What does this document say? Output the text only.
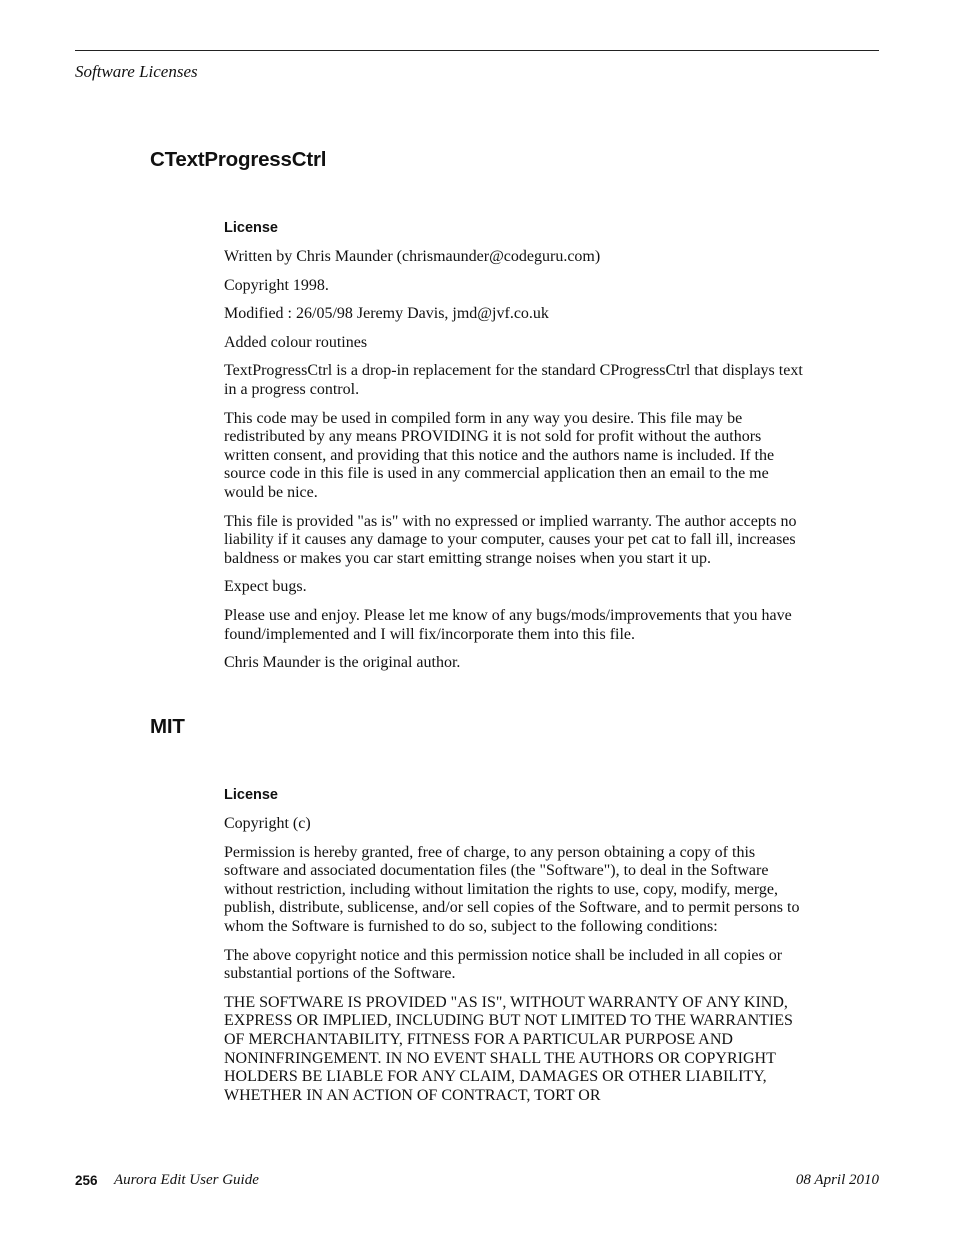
Software Licenses
CTextProgressCtrl
License

Written by Chris Maunder (chrismaunder@codeguru.com)

Copyright 1998.

Modified : 26/05/98 Jeremy Davis, jmd@jvf.co.uk

Added colour routines

TextProgressCtrl is a drop-in replacement for the standard CProgressCtrl that displays text in a progress control.

This code may be used in compiled form in any way you desire. This file may be redistributed by any means PROVIDING it is not sold for profit without the authors written consent, and providing that this notice and the authors name is included. If the source code in this file is used in any commercial application then an email to the me would be nice.

This file is provided "as is" with no expressed or implied warranty. The author accepts no liability if it causes any damage to your computer, causes your pet cat to fall ill, increases baldness or makes you car start emitting strange noises when you start it up.

Expect bugs.

Please use and enjoy. Please let me know of any bugs/mods/improvements that you have found/implemented and I will fix/incorporate them into this file.

Chris Maunder is the original author.

MIT
License

Copyright (c)

Permission is hereby granted, free of charge, to any person obtaining a copy of this software and associated documentation files (the "Software"), to deal in the Software without restriction, including without limitation the rights to use, copy, modify, merge, publish, distribute, sublicense, and/or sell copies of the Software, and to permit persons to whom the Software is furnished to do so, subject to the following conditions:

The above copyright notice and this permission notice shall be included in all copies or substantial portions of the Software.

THE SOFTWARE IS PROVIDED "AS IS", WITHOUT WARRANTY OF ANY KIND, EXPRESS OR IMPLIED, INCLUDING BUT NOT LIMITED TO THE WARRANTIES OF MERCHANTABILITY, FITNESS FOR A PARTICULAR PURPOSE AND NONINFRINGEMENT. IN NO EVENT SHALL THE AUTHORS OR COPYRIGHT HOLDERS BE LIABLE FOR ANY CLAIM, DAMAGES OR OTHER LIABILITY, WHETHER IN AN ACTION OF CONTRACT, TORT OR

256 Aurora Edit User Guide	08 April 2010
